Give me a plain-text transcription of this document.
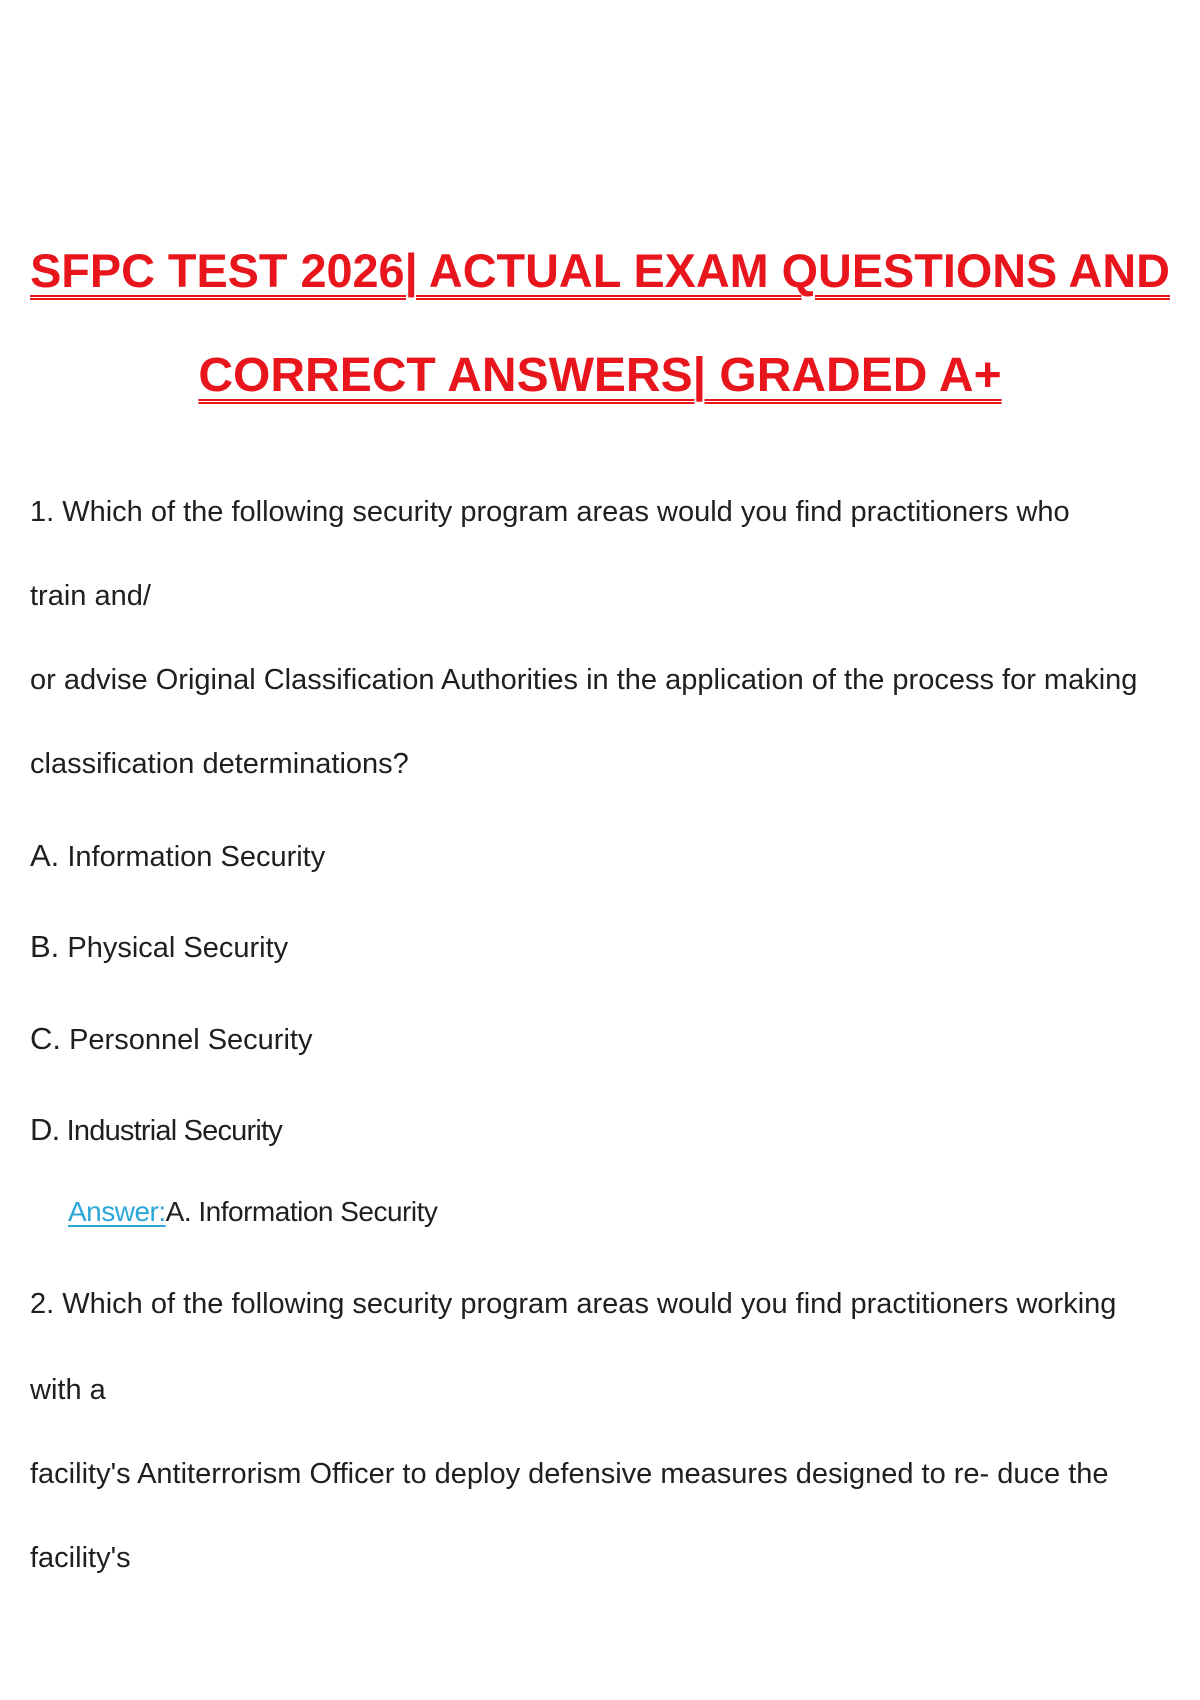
SFPC TEST 2026| ACTUAL EXAM QUESTIONS AND
CORRECT ANSWERS| GRADED A+
1. Which of the following security program areas would you find practitioners who
train and/
or advise Original Classification Authorities in the application of the process for making
classification determinations?
A. Information Security
B. Physical Security
C. Personnel Security
D. Industrial Security
Answer:A. Information Security
2. Which of the following security program areas would you find practitioners working
with a
facility's Antiterrorism Officer to deploy defensive measures designed to re- duce the
facility's
